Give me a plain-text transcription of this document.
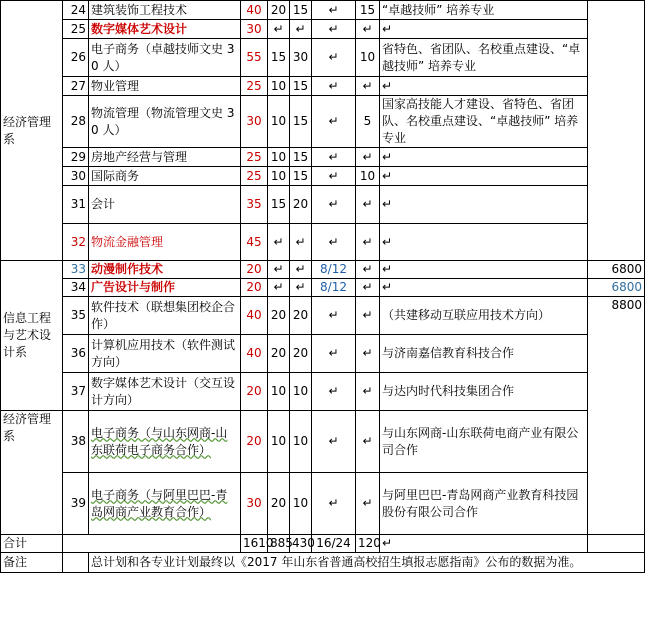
经济管理系	24	建筑装饰工程技术	40	20	15	↵	15	“卓越技师” 培养专业	
	25	数字媒体艺术设计	30	↵	↵	↵	↵	↵	
	26	电子商务（卓越技师文史 30 人）	55	15	30	↵	10	省特色、省团队、名校重点建设、“卓越技师” 培养专业	
	27	物业管理	25	10	15	↵	↵	↵	
	28	物流管理（物流管理文史 30 人）	30	10	15	↵	5	国家高技能人才建设、省特色、省团队、名校重点建设、“卓越技师” 培养专业	
	29	房地产经营与管理	25	10	15	↵	↵	↵	
	30	国际商务	25	10	15	↵	10	↵	
	31	会计	35	15	20	↵	↵	↵	
	32	物流金融管理	45	↵	↵	↵	↵	↵	
信息工程与艺术设计系	33	动漫制作技术	20	↵	↵	8/12	↵	↵	6800
	34	广告设计与制作	20	↵	↵	8/12	↵	↵	6800
	35	软件技术（联想集团校企合作）	40	20	20	↵	↵	（共建移动互联应用技术方向）	8800
	36	计算机应用技术（软件测试方向）	40	20	20	↵	↵	与济南嘉信教育科技合作	
	37	数字媒体艺术设计（交互设计方向）	20	10	10	↵	↵	与达内时代科技集团合作	
经济管理系	38	电子商务（与山东网商-山东联荷电子商务合作）	20	10	10	↵	↵	与山东网商-山东联荷电商产业有限公司合作	
	39	电子商务（与阿里巴巴-青岛网商产业教育合作）	30	20	10	↵	↵	与阿里巴巴-青岛网商产业教育科技园股份有限公司合作	
合计			1610	885	430	16/24	120	↵	
备注		总计划和各专业计划最终以《2017 年山东省普通高校招生填报志愿指南》公布的数据为准。							
